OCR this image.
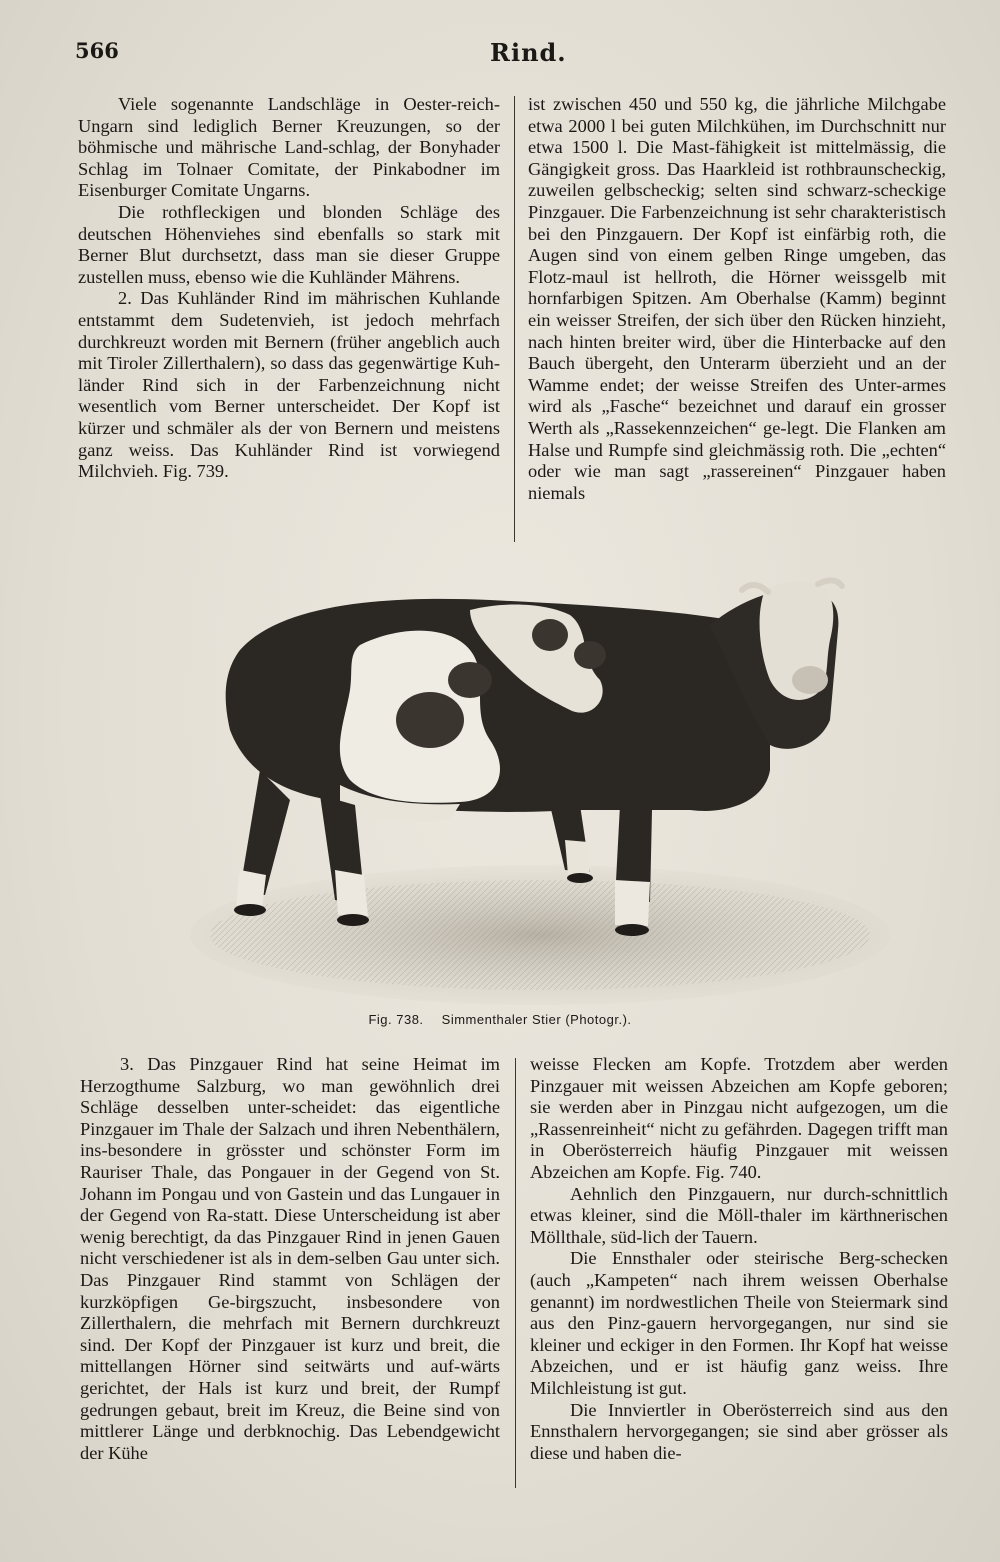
566	Rind.

Viele sogenannte Landschläge in Oester-reich-Ungarn sind lediglich Berner Kreuzungen, so der böhmische und mährische Land-schlag, der Bonyhader Schlag im Tolnaer Comitate, der Pinkabodner im Eisenburger Comitate Ungarns.

Die rothfleckigen und blonden Schläge des deutschen Höhenviehes sind ebenfalls so stark mit Berner Blut durchsetzt, dass man sie dieser Gruppe zustellen muss, ebenso wie die Kuhländer Mährens.

2. Das Kuhländer Rind im mährischen Kuhlande entstammt dem Sudetenvieh, ist jedoch mehrfach durchkreuzt worden mit Bernern (früher angeblich auch mit Tiroler Zillerthalern), so dass das gegenwärtige Kuh-länder Rind sich in der Farbenzeichnung nicht wesentlich vom Berner unterscheidet. Der Kopf ist kürzer und schmäler als der von Bernern und meistens ganz weiss. Das Kuhländer Rind ist vorwiegend Milchvieh. Fig. 739.

ist zwischen 450 und 550 kg, die jährliche Milchgabe etwa 2000 l bei guten Milchkühen, im Durchschnitt nur etwa 1500 l. Die Mast-fähigkeit ist mittelmässig, die Gängigkeit gross. Das Haarkleid ist rothbraunscheckig, zuweilen gelbscheckig; selten sind schwarz-scheckige Pinzgauer. Die Farbenzeichnung ist sehr charakteristisch bei den Pinzgauern. Der Kopf ist einfärbig roth, die Augen sind von einem gelben Ringe umgeben, das Flotz-maul ist hellroth, die Hörner weissgelb mit hornfarbigen Spitzen. Am Oberhalse (Kamm) beginnt ein weisser Streifen, der sich über den Rücken hinzieht, nach hinten breiter wird, über die Hinterbacke auf den Bauch übergeht, den Unterarm überzieht und an der Wamme endet; der weisse Streifen des Unter-armes wird als „Fasche“ bezeichnet und darauf ein grosser Werth als „Rassekennzeichen“ ge-legt. Die Flanken am Halse und Rumpfe sind gleichmässig roth. Die „echten“ oder wie man sagt „rassereinen“ Pinzgauer haben niemals

Fig. 738. Simmenthaler Stier (Photogr.).

3. Das Pinzgauer Rind hat seine Heimat im Herzogthume Salzburg, wo man gewöhnlich drei Schläge desselben unter-scheidet: das eigentliche Pinzgauer im Thale der Salzach und ihren Nebenthälern, ins-besondere in grösster und schönster Form im Rauriser Thale, das Pongauer in der Gegend von St. Johann im Pongau und von Gastein und das Lungauer in der Gegend von Ra-statt. Diese Unterscheidung ist aber wenig berechtigt, da das Pinzgauer Rind in jenen Gauen nicht verschiedener ist als in dem-selben Gau unter sich. Das Pinzgauer Rind stammt von Schlägen der kurzköpfigen Ge-birgszucht, insbesondere von Zillerthalern, die mehrfach mit Bernern durchkreuzt sind. Der Kopf der Pinzgauer ist kurz und breit, die mittellangen Hörner sind seitwärts und auf-wärts gerichtet, der Hals ist kurz und breit, der Rumpf gedrungen gebaut, breit im Kreuz, die Beine sind von mittlerer Länge und derbknochig. Das Lebendgewicht der Kühe

weisse Flecken am Kopfe. Trotzdem aber werden Pinzgauer mit weissen Abzeichen am Kopfe geboren; sie werden aber in Pinzgau nicht aufgezogen, um die „Rassenreinheit“ nicht zu gefährden. Dagegen trifft man in Oberösterreich häufig Pinzgauer mit weissen Abzeichen am Kopfe. Fig. 740.

Aehnlich den Pinzgauern, nur durch-schnittlich etwas kleiner, sind die Möll-thaler im kärthnerischen Möllthale, süd-lich der Tauern.

Die Ennsthaler oder steirische Berg-schecken (auch „Kampeten“ nach ihrem weissen Oberhalse genannt) im nordwestlichen Theile von Steiermark sind aus den Pinz-gauern hervorgegangen, nur sind sie kleiner und eckiger in den Formen. Ihr Kopf hat weisse Abzeichen, und er ist häufig ganz weiss. Ihre Milchleistung ist gut.

Die Innviertler in Oberösterreich sind aus den Ennsthalern hervorgegangen; sie sind aber grösser als diese und haben die-
